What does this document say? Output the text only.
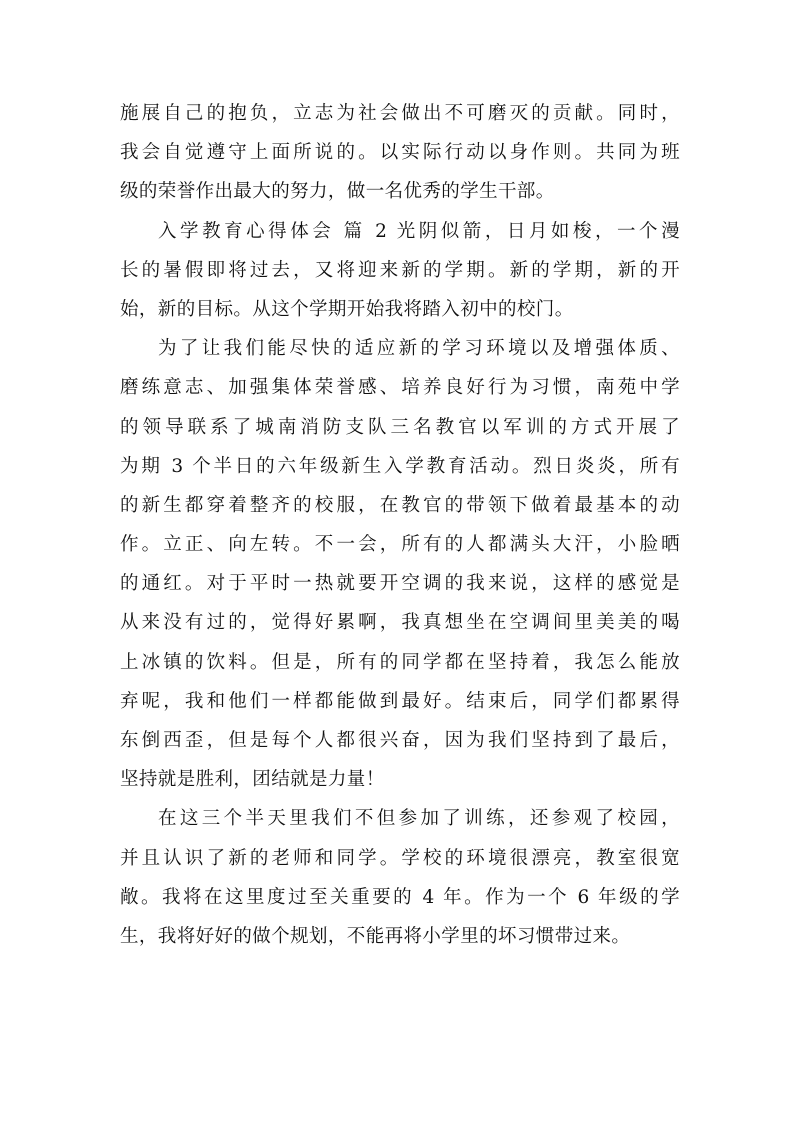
施展自己的抱负，立志为社会做出不可磨灭的贡献。同时，
我会自觉遵守上面所说的。以实际行动以身作则。共同为班
级的荣誉作出最大的努力，做一名优秀的学生干部。
入学教育心得体会 篇 2 光阴似箭，日月如梭，一个漫
长的暑假即将过去，又将迎来新的学期。新的学期，新的开
始，新的目标。从这个学期开始我将踏入初中的校门。
为了让我们能尽快的适应新的学习环境以及增强体质、
磨练意志、加强集体荣誉感、培养良好行为习惯，南苑中学
的领导联系了城南消防支队三名教官以军训的方式开展了
为期 3 个半日的六年级新生入学教育活动。烈日炎炎，所有
的新生都穿着整齐的校服，在教官的带领下做着最基本的动
作。立正、向左转。不一会，所有的人都满头大汗，小脸晒
的通红。对于平时一热就要开空调的我来说，这样的感觉是
从来没有过的，觉得好累啊，我真想坐在空调间里美美的喝
上冰镇的饮料。但是，所有的同学都在坚持着，我怎么能放
弃呢，我和他们一样都能做到最好。结束后，同学们都累得
东倒西歪，但是每个人都很兴奋，因为我们坚持到了最后，
坚持就是胜利，团结就是力量！
在这三个半天里我们不但参加了训练，还参观了校园，
并且认识了新的老师和同学。学校的环境很漂亮，教室很宽
敞。我将在这里度过至关重要的 4 年。作为一个 6 年级的学
生，我将好好的做个规划，不能再将小学里的坏习惯带过来。
